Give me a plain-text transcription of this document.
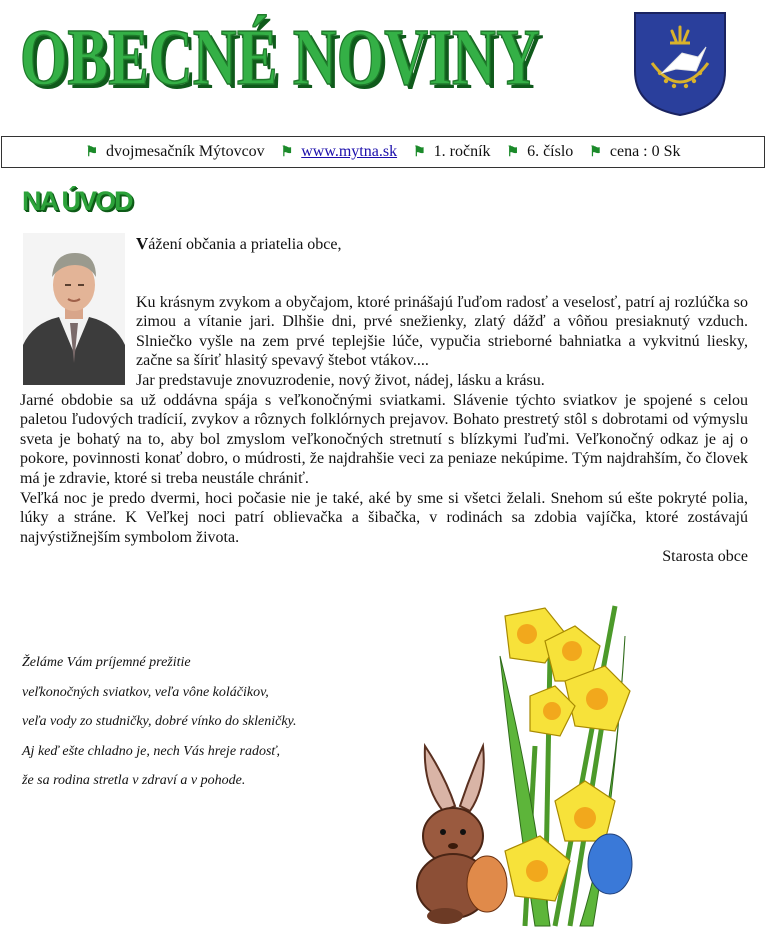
OBECNÉ NOVINY
OBECNÉ NOVINY
⚑ dvojmesačník Mýtovcov ⚑ www.mytna.sk ⚑ 1. ročník ⚑ 6. číslo ⚑ cena : 0 Sk
NA ÚVOD
Vážení občania a priatelia obce,

Ku krásnym zvykom a obyčajom, ktoré prinášajú ľuďom radosť a veselosť, patrí aj rozlúčka so zimou a vítanie jari. Dlhšie dni, prvé snežienky, zlatý dážď a vôňou presiaknutý vzduch. Slniečko vyšle na zem prvé teplejšie lúče, vypučia strieborné bahniatka a vykvitnú liesky, začne sa šíriť hlasitý spevavý štebot vtákov....

Jar predstavuje znovuzrodenie, nový život, nádej, lásku a krásu.

Jarné obdobie sa už oddávna spája s veľkonočnými sviatkami. Slávenie týchto sviatkov je spojené s celou paletou ľudových tradícií, zvykov a rôznych folklórnych prejavov. Bohato prestretý stôl s dobrotami od výmyslu sveta je bohatý na to, aby bol zmyslom veľkonočných stretnutí s blízkymi ľuďmi. Veľkonočný odkaz je aj o pokore, povinnosti konať dobro, o múdrosti, že najdrahšie veci za peniaze nekúpime. Tým najdrahším, čo človek má je zdravie, ktoré si treba neustále chrániť.

Veľká noc je predo dvermi, hoci počasie nie je také, aké by sme si všetci želali. Snehom sú ešte pokryté polia, lúky a stráne. K Veľkej noci patrí oblievačka a šibačka, v rodinách sa zdobia vajíčka, ktoré zostávajú najvýstižnejším symbolom života.

Starosta obce

Želáme Vám príjemné prežitie
veľkonočných sviatkov, veľa vône koláčikov,
veľa vody zo studničky, dobré vínko do skleničky.
Aj keď ešte chladno je, nech Vás hreje radosť,
že sa rodina stretla v zdraví a v pohode.
